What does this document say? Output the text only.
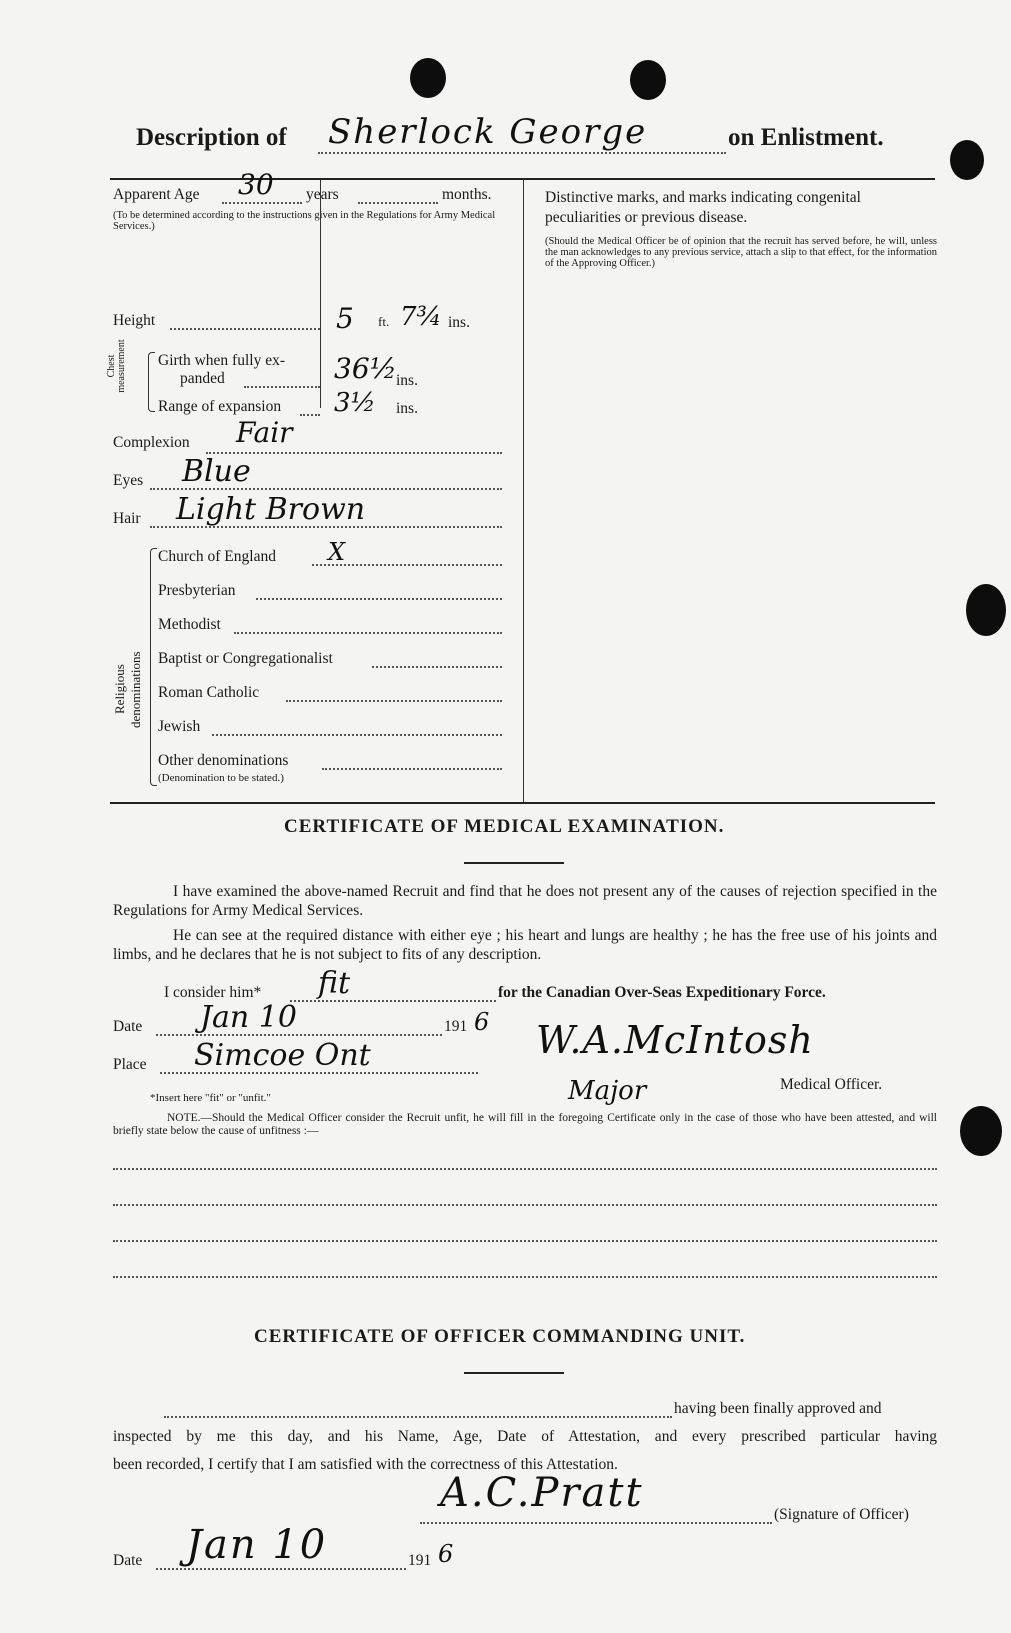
Description of Sherlock George	on Enlistment.
Apparent Age 30 years	months.
(To be determined according to the instructions given in the Regulations for Army Medical Services.)
Height	5 ft. 7¾ ins.
Chest measurement Girth when fully ex-
panded	36½ ins.
Range of expansion 3½ ins.
Complexion Fair
Eyes Blue
Hair Light Brown
Religious denominations
Church of England X
Presbyterian
Methodist
Baptist or Congregationalist
Roman Catholic
Jewish
Other denominations
(Denomination to be stated.)
Distinctive marks, and marks indicating congenital peculiarities or previous disease.
(Should the Medical Officer be of opinion that the recruit has served before, he will, unless the man acknowledges to any previous service, attach a slip to that effect, for the information of the Approving Officer.)
CERTIFICATE OF MEDICAL EXAMINATION.
I have examined the above-named Recruit and find that he does not present any of the causes of rejection specified in the Regulations for Army Medical Services.
He can see at the required distance with either eye ; his heart and lungs are healthy ; he has the free use of his joints and limbs, and he declares that he is not subject to fits of any description.
I consider him* fit	for the Canadian Over-Seas Expeditionary Force.
Date Jan 10	191 6
Place Simcoe Ont	W.A.McIntosh
Major	Medical Officer.
*Insert here "fit" or "unfit."
NOTE.—Should the Medical Officer consider the Recruit unfit, he will fill in the foregoing Certificate only in the case of those who have been attested, and will briefly state below the cause of unfitness :—
CERTIFICATE OF OFFICER COMMANDING UNIT.
having been finally approved and
inspected by me this day, and his Name, Age, Date of Attestation, and every prescribed particular having
been recorded, I certify that I am satisfied with the correctness of this Attestation.
A.C.Pratt	(Signature of Officer)
Date Jan 10	191 6
